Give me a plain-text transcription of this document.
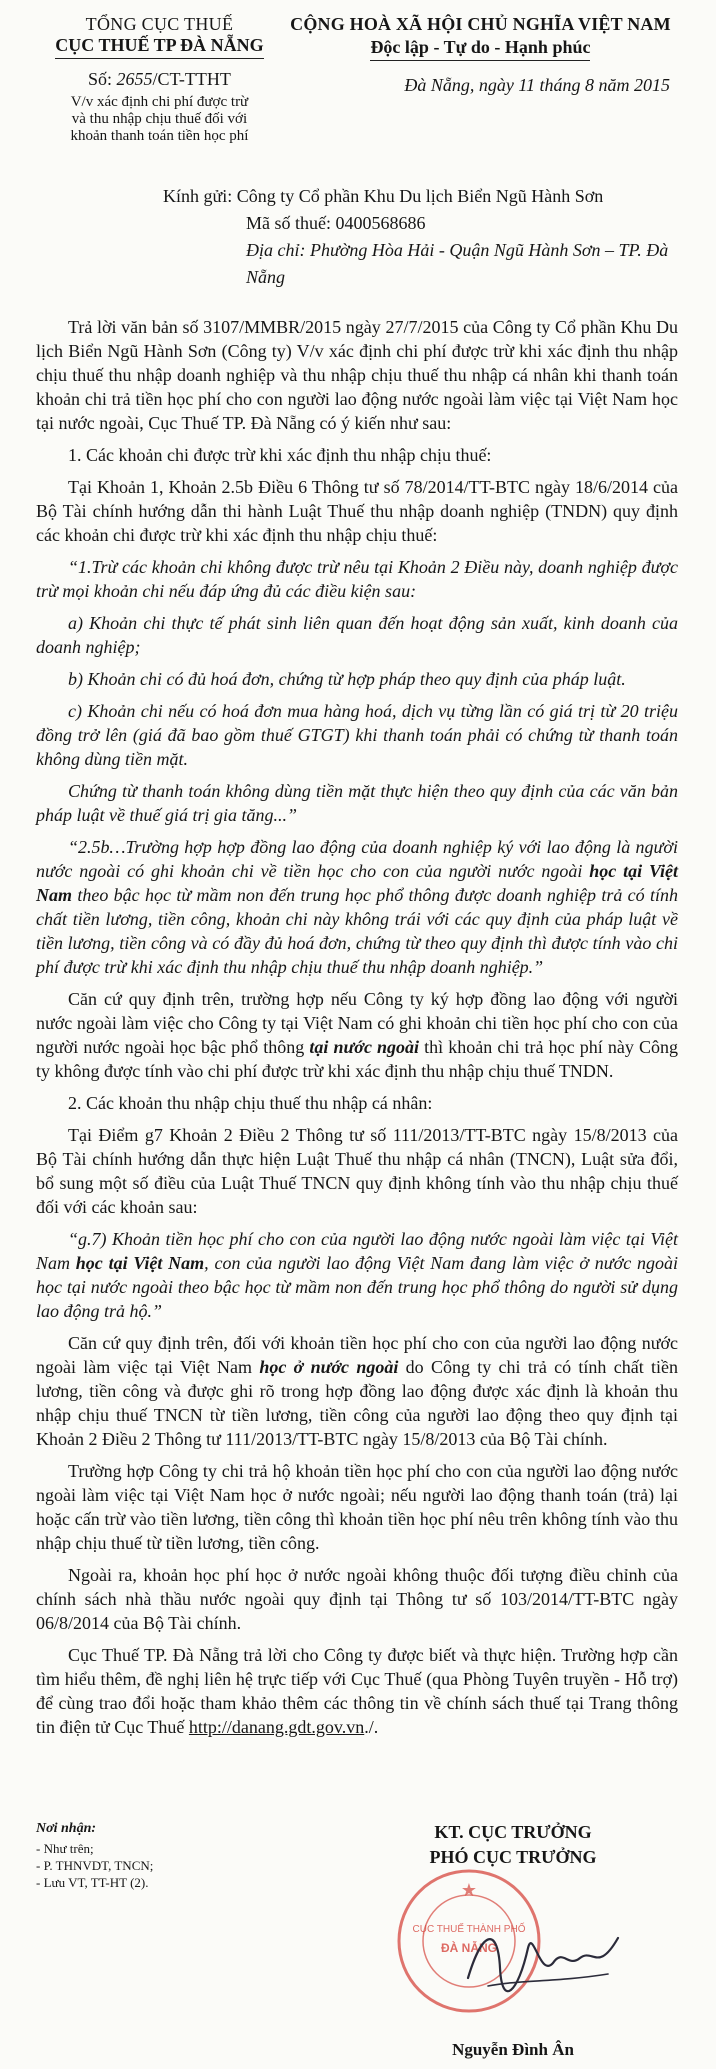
TỔNG CỤC THUẾ
CỤC THUẾ TP ĐÀ NẴNG
Số: 2655/CT-TTHT
V/v xác định chi phí được trừ
và thu nhập chịu thuế đối với
khoản thanh toán tiền học phí
CỘNG HOÀ XÃ HỘI CHỦ NGHĨA VIỆT NAM
Độc lập - Tự do - Hạnh phúc
Đà Nẵng, ngày 11 tháng 8 năm 2015
Kính gửi: Công ty Cổ phần Khu Du lịch Biển Ngũ Hành Sơn
Mã số thuế: 0400568686
Địa chỉ: Phường Hòa Hải - Quận Ngũ Hành Sơn – TP. Đà Nẵng

Trả lời văn bản số 3107/MMBR/2015 ngày 27/7/2015 của Công ty Cổ phần Khu Du lịch Biển Ngũ Hành Sơn (Công ty) V/v xác định chi phí được trừ khi xác định thu nhập chịu thuế thu nhập doanh nghiệp và thu nhập chịu thuế thu nhập cá nhân khi thanh toán khoản chi trả tiền học phí cho con người lao động nước ngoài làm việc tại Việt Nam học tại nước ngoài, Cục Thuế TP. Đà Nẵng có ý kiến như sau:

1. Các khoản chi được trừ khi xác định thu nhập chịu thuế:

Tại Khoản 1, Khoản 2.5b Điều 6 Thông tư số 78/2014/TT-BTC ngày 18/6/2014 của Bộ Tài chính hướng dẫn thi hành Luật Thuế thu nhập doanh nghiệp (TNDN) quy định các khoản chi được trừ khi xác định thu nhập chịu thuế:

“1.Trừ các khoản chi không được trừ nêu tại Khoản 2 Điều này, doanh nghiệp được trừ mọi khoản chi nếu đáp ứng đủ các điều kiện sau:

a) Khoản chi thực tế phát sinh liên quan đến hoạt động sản xuất, kinh doanh của doanh nghiệp;

b) Khoản chi có đủ hoá đơn, chứng từ hợp pháp theo quy định của pháp luật.

c) Khoản chi nếu có hoá đơn mua hàng hoá, dịch vụ từng lần có giá trị từ 20 triệu đồng trở lên (giá đã bao gồm thuế GTGT) khi thanh toán phải có chứng từ thanh toán không dùng tiền mặt.

Chứng từ thanh toán không dùng tiền mặt thực hiện theo quy định của các văn bản pháp luật về thuế giá trị gia tăng...”

“2.5b…Trường hợp hợp đồng lao động của doanh nghiệp ký với lao động là người nước ngoài có ghi khoản chi về tiền học cho con của người nước ngoài học tại Việt Nam theo bậc học từ mầm non đến trung học phổ thông được doanh nghiệp trả có tính chất tiền lương, tiền công, khoản chi này không trái với các quy định của pháp luật về tiền lương, tiền công và có đầy đủ hoá đơn, chứng từ theo quy định thì được tính vào chi phí được trừ khi xác định thu nhập chịu thuế thu nhập doanh nghiệp.”

Căn cứ quy định trên, trường hợp nếu Công ty ký hợp đồng lao động với người nước ngoài làm việc cho Công ty tại Việt Nam có ghi khoản chi tiền học phí cho con của người nước ngoài học bậc phổ thông tại nước ngoài thì khoản chi trả học phí này Công ty không được tính vào chi phí được trừ khi xác định thu nhập chịu thuế TNDN.

2. Các khoản thu nhập chịu thuế thu nhập cá nhân:

Tại Điểm g7 Khoản 2 Điều 2 Thông tư số 111/2013/TT-BTC ngày 15/8/2013 của Bộ Tài chính hướng dẫn thực hiện Luật Thuế thu nhập cá nhân (TNCN), Luật sửa đổi, bổ sung một số điều của Luật Thuế TNCN quy định không tính vào thu nhập chịu thuế đối với các khoản sau:

“g.7) Khoản tiền học phí cho con của người lao động nước ngoài làm việc tại Việt Nam học tại Việt Nam, con của người lao động Việt Nam đang làm việc ở nước ngoài học tại nước ngoài theo bậc học từ mầm non đến trung học phổ thông do người sử dụng lao động trả hộ.”

Căn cứ quy định trên, đối với khoản tiền học phí cho con của người lao động nước ngoài làm việc tại Việt Nam học ở nước ngoài do Công ty chi trả có tính chất tiền lương, tiền công và được ghi rõ trong hợp đồng lao động được xác định là khoản thu nhập chịu thuế TNCN từ tiền lương, tiền công của người lao động theo quy định tại Khoản 2 Điều 2 Thông tư 111/2013/TT-BTC ngày 15/8/2013 của Bộ Tài chính.

Trường hợp Công ty chi trả hộ khoản tiền học phí cho con của người lao động nước ngoài làm việc tại Việt Nam học ở nước ngoài; nếu người lao động thanh toán (trả) lại hoặc cấn trừ vào tiền lương, tiền công thì khoản tiền học phí nêu trên không tính vào thu nhập chịu thuế từ tiền lương, tiền công.

Ngoài ra, khoản học phí học ở nước ngoài không thuộc đối tượng điều chỉnh của chính sách nhà thầu nước ngoài quy định tại Thông tư số 103/2014/TT-BTC ngày 06/8/2014 của Bộ Tài chính.

Cục Thuế TP. Đà Nẵng trả lời cho Công ty được biết và thực hiện. Trường hợp cần tìm hiểu thêm, đề nghị liên hệ trực tiếp với Cục Thuế (qua Phòng Tuyên truyền - Hỗ trợ) để cùng trao đổi hoặc tham khảo thêm các thông tin về chính sách thuế tại Trang thông tin điện tử Cục Thuế http://danang.gdt.gov.vn./.

Nơi nhận:
- Như trên;
- P. THNVDT, TNCN;
- Lưu VT, TT-HT (2).
KT. CỤC TRƯỞNG
PHÓ CỤC TRƯỞNG
CỤC THUẾ THÀNH PHỐ
ĐÀ NẴNG
★
Nguyễn Đình Ân
